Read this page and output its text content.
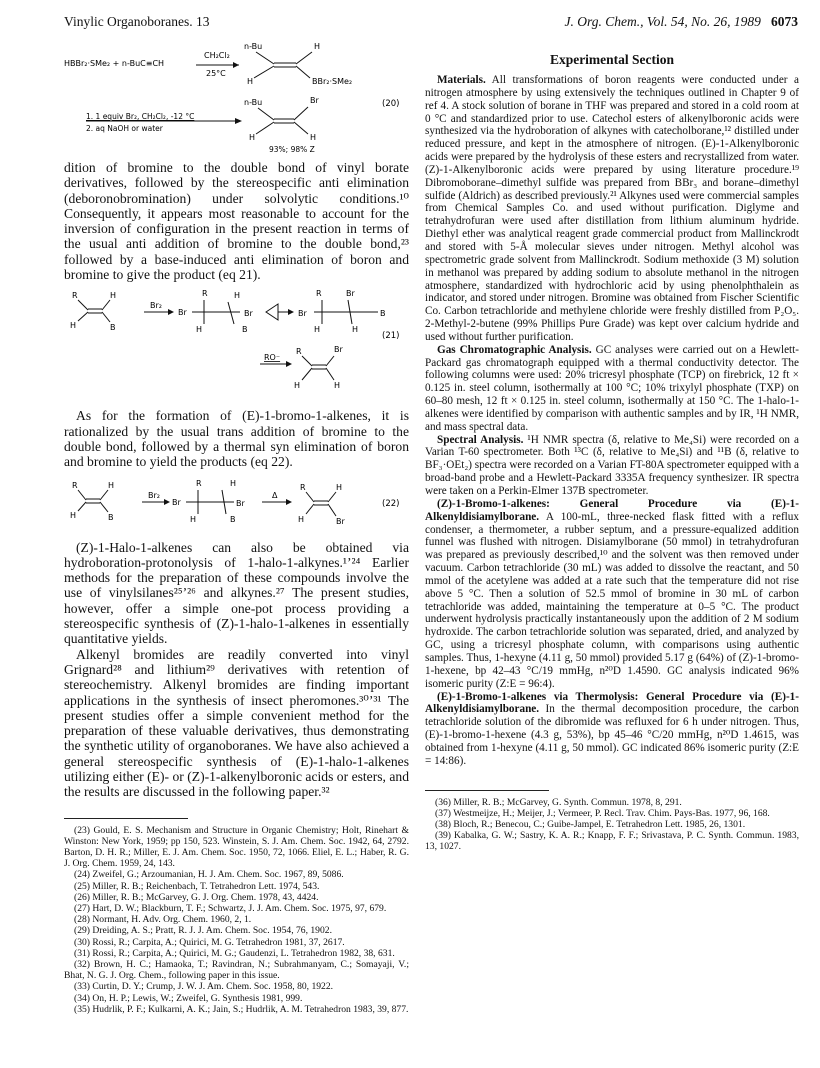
Vinylic Organoboranes. 13	J. Org. Chem., Vol. 54, No. 26, 1989 6073
HBBr₂·SMe₂ + n-BuC≡CH
CH₂Cl₂
25°C
n-Bu	H
H	BBr₂·SMe₂
1. 1 equiv Br₂, CH₂Cl₂, -12 °C
2. aq NaOH or water
n-Bu	Br
H	H
93%; 98% Z
(20)

dition of bromine to the double bond of vinyl borate derivatives, followed by the stereospecific anti elimination (deboronobromination) under solvolytic conditions.¹⁰ Consequently, it appears most reasonable to account for the inversion of configuration in the present reaction in terms of the usual anti addition of bromine to the double bond,²³ followed by a base-induced anti elimination of boron and bromine to give the product (eq 21).

R	H
H	B
Br₂
Br
R
H
Br
H
B
R	Br
Br
H	H
B
(21)
RO⁻
R	Br
H	H

As for the formation of (E)-1-bromo-1-alkenes, it is rationalized by the usual trans addition of bromine to the double bond, followed by a thermal syn elimination of boron and bromine to yield the products (eq 22).

R	H
H	B
Br₂
Br
R
H
H
Br
B
Δ
R	H
H	Br
(22)

(Z)-1-Halo-1-alkenes can also be obtained via hydroboration-protonolysis of 1-halo-1-alkynes.¹ʼ²⁴ Earlier methods for the preparation of these compounds involve the use of vinylsilanes²⁵ʼ²⁶ and alkynes.²⁷ The present studies, however, offer a simple one-pot process providing a stereospecific synthesis of (Z)-1-halo-1-alkenes in essentially quantitative yields.

Alkenyl bromides are readily converted into vinyl Grignard²⁸ and lithium²⁹ derivatives with retention of stereochemistry. Alkenyl bromides are finding important applications in the synthesis of insect pheromones.³⁰ʼ³¹ The present studies offer a simple convenient method for the preparation of these valuable derivatives, thus demonstrating the synthetic utility of organoboranes. We have also achieved a general stereospecific synthesis of (E)-1-halo-1-alkenes utilizing either (E)- or (Z)-1-alkenylboronic acids or esters, and the results are discussed in the following paper.³²

(23) Gould, E. S. Mechanism and Structure in Organic Chemistry; Holt, Rinehart & Winston: New York, 1959; pp 150, 523. Winstein, S. J. Am. Chem. Soc. 1942, 64, 2792. Barton, D. H. R.; Miller, E. J. Am. Chem. Soc. 1950, 72, 1066. Eliel, E. L.; Haber, R. G. J. Org. Chem. 1959, 24, 143.

(24) Zweifel, G.; Arzoumanian, H. J. Am. Chem. Soc. 1967, 89, 5086.

(25) Miller, R. B.; Reichenbach, T. Tetrahedron Lett. 1974, 543.

(26) Miller, R. B.; McGarvey, G. J. Org. Chem. 1978, 43, 4424.

(27) Hart, D. W.; Blackburn, T. F.; Schwartz, J. J. Am. Chem. Soc. 1975, 97, 679.

(28) Normant, H. Adv. Org. Chem. 1960, 2, 1.

(29) Dreiding, A. S.; Pratt, R. J. J. Am. Chem. Soc. 1954, 76, 1902.

(30) Rossi, R.; Carpita, A.; Quirici, M. G. Tetrahedron 1981, 37, 2617.

(31) Rossi, R.; Carpita, A.; Quirici, M. G.; Gaudenzi, L. Tetrahedron 1982, 38, 631.

(32) Brown, H. C.; Hamaoka, T.; Ravindran, N.; Subrahmanyam, C.; Somayaji, V.; Bhat, N. G. J. Org. Chem., following paper in this issue.

(33) Curtin, D. Y.; Crump, J. W. J. Am. Chem. Soc. 1958, 80, 1922.

(34) On, H. P.; Lewis, W.; Zweifel, G. Synthesis 1981, 999.

(35) Hudrlik, P. F.; Kulkarni, A. K.; Jain, S.; Hudrlik, A. M. Tetrahedron 1983, 39, 877.

Experimental Section

Materials. All transformations of boron reagents were conducted under a nitrogen atmosphere by using extensively the techniques outlined in Chapter 9 of ref 4. A stock solution of borane in THF was prepared and stored in a cold room at 0 °C and standardized prior to use. Catechol esters of alkenylboronic acids were synthesized via the hydroboration of alkynes with catecholborane,¹² distilled under reduced pressure, and kept in the atmosphere of nitrogen. (E)-1-Alkenylboronic acids were prepared by the hydrolysis of these esters and recrystallized from water. (Z)-1-Alkenylboronic acids were prepared by using literature procedure.¹⁹ Dibromoborane–dimethyl sulfide was prepared from BBr₃ and borane–dimethyl sulfide (Aldrich) as described previously.²¹ Alkynes used were commercial samples from Chemical Samples Co. and used without purification. Diglyme and tetrahydrofuran were used after distillation from lithium aluminum hydride. Diethyl ether was analytical reagent grade commercial product from Mallinckrodt and stored with 5-Å molecular sieves under nitrogen. Methyl alcohol was spectrometric grade solvent from Mallinckrodt. Sodium methoxide (3 M) solution in methanol was prepared by adding sodium to absolute methanol in the nitrogen atmosphere, standardized with hydrochloric acid by using phenolphthalein as indicator, and stored under nitrogen. Bromine was obtained from Fischer Scientific Co. Carbon tetrachloride and methylene chloride were freshly distilled from P₂O₅. 2-Methyl-2-butene (99% Phillips Pure Grade) was kept over calcium hydride and used without further purification.

Gas Chromatographic Analysis. GC analyses were carried out on a Hewlett-Packard gas chromatograph equipped with a thermal conductivity detector. The following columns were used: 20% tricresyl phosphate (TCP) on firebrick, 12 ft × 0.125 in. steel column, isothermally at 100 °C; 10% trixylyl phosphate (TXP) on 60–80 mesh, 12 ft × 0.125 in. steel column, isothermally at 150 °C. The 1-halo-1-alkenes were identified by comparison with authentic samples and by IR, ¹H NMR, and mass spectral data.

Spectral Analysis. ¹H NMR spectra (δ, relative to Me₄Si) were recorded on a Varian T-60 spectrometer. Both ¹³C (δ, relative to Me₄Si) and ¹¹B (δ, relative to BF₃·OEt₂) spectra were recorded on a Varian FT-80A spectrometer equipped with a broad-band probe and a Hewlett-Packard 3335A frequency synthesizer. IR spectra were taken on a Perkin-Elmer 137B spectrometer.

(Z)-1-Bromo-1-alkenes: General Procedure via (E)-1-Alkenyldisiamylborane. A 100-mL, three-necked flask fitted with a reflux condenser, a thermometer, a rubber septum, and a pressure-equalized addition funnel was flushed with nitrogen. Disiamylborane (50 mmol) in tetrahydrofuran was prepared as previously described,¹⁰ and the solvent was then removed under vacuum. Carbon tetrachloride (30 mL) was added to dissolve the reactant, and 50 mmol of the acetylene was added at a rate such that the temperature did not rise above 5 °C. Then a solution of 52.5 mmol of bromine in 30 mL of carbon tetrachloride was added, maintaining the temperature at 0–5 °C. The product underwent hydrolysis practically instantaneously upon the addition of 2 M sodium hydroxide. The carbon tetrachloride solution was separated, dried, and analyzed by GC, using a tricresyl phosphate column, with comparisons using authentic samples. Thus, 1-hexyne (4.11 g, 50 mmol) provided 5.17 g (64%) of (Z)-1-bromo-1-hexene, bp 42–43 °C/19 mmHg, n²⁰D 1.4590. GC analysis indicated 96% isomeric purity (Z:E = 96:4).

(E)-1-Bromo-1-alkenes via Thermolysis: General Procedure via (E)-1-Alkenyldisiamylborane. In the thermal decomposition procedure, the carbon tetrachloride solution of the dibromide was refluxed for 6 h under nitrogen. Thus, (E)-1-bromo-1-hexene (4.3 g, 53%), bp 45–46 °C/20 mmHg, n²⁰D 1.4615, was obtained from 1-hexyne (4.11 g, 50 mmol). GC indicated 86% isomeric purity (Z:E = 14:86).

(36) Miller, R. B.; McGarvey, G. Synth. Commun. 1978, 8, 291.

(37) Westmeijze, H.; Meijer, J.; Vermeer, P. Recl. Trav. Chim. Pays-Bas. 1977, 96, 168.

(38) Bloch, R.; Benecou, C.; Guibe-Jampel, E. Tetrahedron Lett. 1985, 26, 1301.

(39) Kabalka, G. W.; Sastry, K. A. R.; Knapp, F. F.; Srivastava, P. C. Synth. Commun. 1983, 13, 1027.
